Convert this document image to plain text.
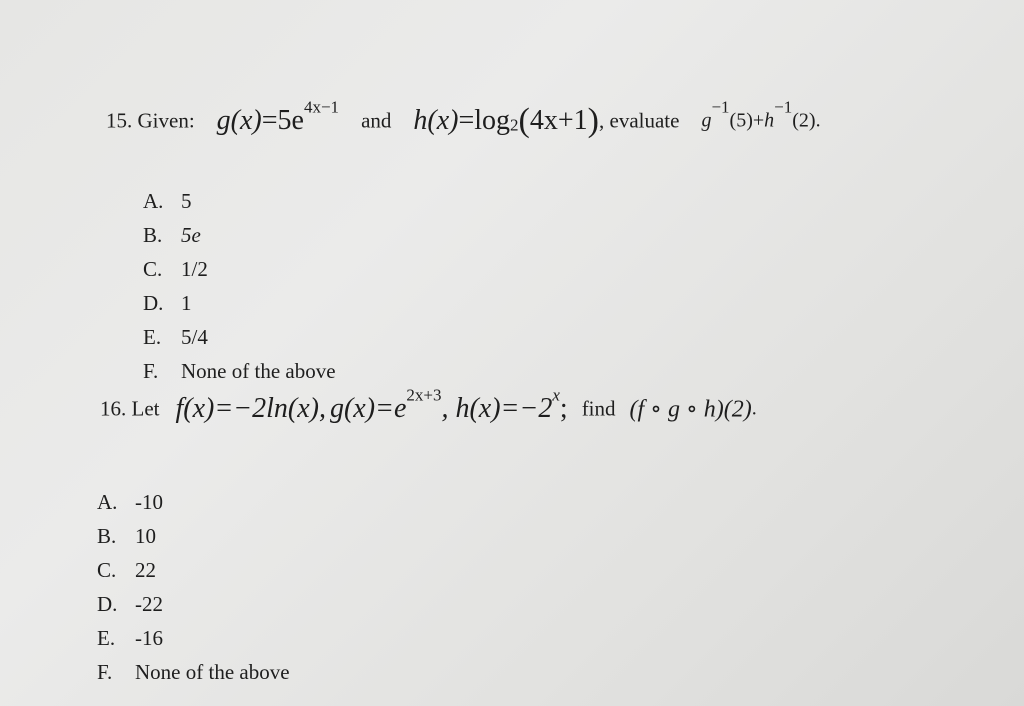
15. Given: $g(x)=5e^{4x-1}$  and $h(x)=\log_2(4x+1)$, evaluate $g^{-1}(5)+h^{-1}(2)$.
A. 5
B. 5e
C. 1/2
D. 1
E. 5/4
F. None of the above
16. Let f(x)=−2ln(x), $g(x)=e^{2x+3}$, $h(x)=-2^x$; find (f ∘ g ∘ h)(2).
A. -10
B. 10
C. 22
D. -22
E. -16
F. None of the above
